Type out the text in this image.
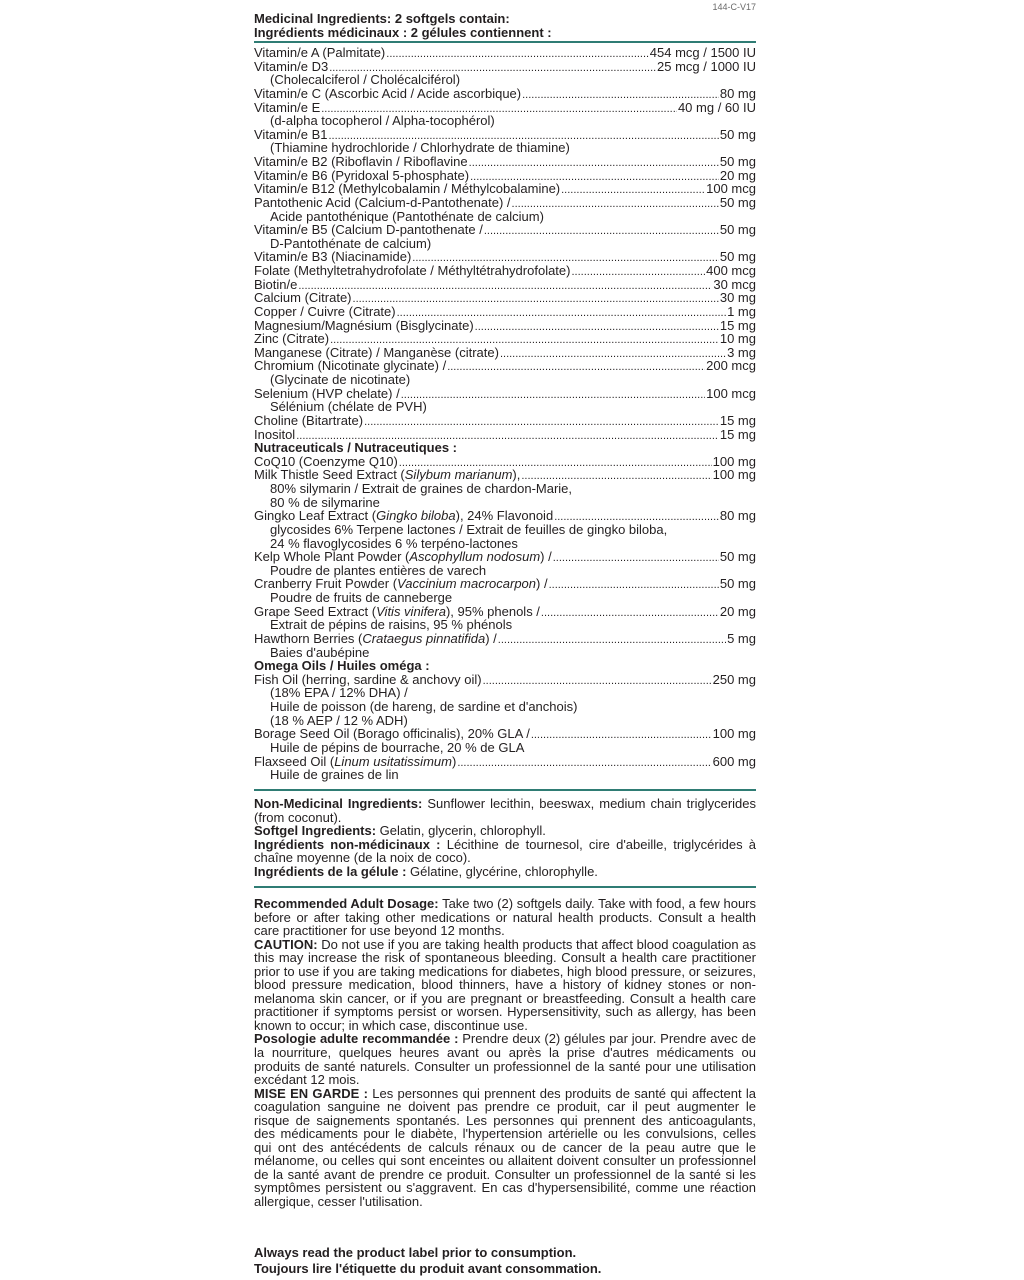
144-C-V17
Medicinal Ingredients: 2 softgels contain:
Ingrédients médicinaux : 2 gélules contiennent :
Vitamin/e A (Palmitate) .....	454 mcg / 1500 IU
Vitamin/e D3 .....	25 mcg / 1000 IU
(Cholecalciferol / Cholécalciférol)
Vitamin/e C (Ascorbic Acid / Acide ascorbique) .....	80 mg
Vitamin/e E .....	40 mg / 60 IU
(d-alpha tocopherol / Alpha-tocophérol)
Vitamin/e B1 .....	50 mg
(Thiamine hydrochloride / Chlorhydrate de thiamine)
Vitamin/e B2 (Riboflavin / Riboflavine .....	50 mg
Vitamin/e B6 (Pyridoxal 5-phosphate) .....	20 mg
Vitamin/e B12 (Methylcobalamin / Méthylcobalamine) .....	100 mcg
Pantothenic Acid (Calcium-d-Pantothenate) / .....	50 mg
Acide pantothénique (Pantothénate de calcium)
Vitamin/e B5 (Calcium D-pantothenate / .....	50 mg
D-Pantothénate de calcium)
Vitamin/e B3 (Niacinamide) .....	50 mg
Folate (Methyltetrahydrofolate / Méthyltétrahydrofolate) .....	400 mcg
Biotin/e .....	30 mcg
Calcium (Citrate) .....	30 mg
Copper / Cuivre (Citrate) .....	1 mg
Magnesium/Magnésium (Bisglycinate) .....	15 mg
Zinc (Citrate) .....	10 mg
Manganese (Citrate) / Manganèse (citrate) .....	3 mg
Chromium (Nicotinate glycinate) / .....	200 mcg
(Glycinate de nicotinate)
Selenium (HVP chelate) / .....	100 mcg
Sélénium (chélate de PVH)
Choline (Bitartrate) .....	15 mg
Inositol .....	15 mg
Nutraceuticals / Nutraceutiques :
CoQ10 (Coenzyme Q10) .....	100 mg
Milk Thistle Seed Extract (Silybum marianum), .....	100 mg
80% silymarin / Extrait de graines de chardon-Marie,
80 % de silymarine
Gingko Leaf Extract (Gingko biloba), 24% Flavonoid .....	80 mg
glycosides 6% Terpene lactones / Extrait de feuilles de gingko biloba,
24 % flavoglycosides 6 % terpéno-lactones
Kelp Whole Plant Powder (Ascophyllum nodosum) / .....	50 mg
Poudre de plantes entières de varech
Cranberry Fruit Powder (Vaccinium macrocarpon) / .....	50 mg
Poudre de fruits de canneberge
Grape Seed Extract (Vitis vinifera), 95% phenols / .....	20 mg
Extrait de pépins de raisins, 95 % phénols
Hawthorn Berries (Crataegus pinnatifida) / .....	5 mg
Baies d'aubépine
Omega Oils / Huiles oméga :
Fish Oil (herring, sardine & anchovy oil) .....	250 mg
(18% EPA / 12% DHA) /
Huile de poisson (de hareng, de sardine et d'anchois)
(18 % AEP / 12 % ADH)
Borage Seed Oil (Borago officinalis), 20% GLA / .....	100 mg
Huile de pépins de bourrache, 20 % de GLA
Flaxseed Oil (Linum usitatissimum) .....	600 mg
Huile de graines de lin
Non-Medicinal Ingredients: Sunflower lecithin, beeswax, medium chain triglycerides (from coconut).
Softgel Ingredients: Gelatin, glycerin, chlorophyll.
Ingrédients non-médicinaux : Lécithine de tournesol, cire d'abeille, triglycérides à chaîne moyenne (de la noix de coco).
Ingrédients de la gélule : Gélatine, glycérine, chlorophylle.
Recommended Adult Dosage: Take two (2) softgels daily. Take with food, a few hours before or after taking other medications or natural health products. Consult a health care practitioner for use beyond 12 months.
CAUTION: Do not use if you are taking health products that affect blood coagulation as this may increase the risk of spontaneous bleeding. Consult a health care practitioner prior to use if you are taking medications for diabetes, high blood pressure, or seizures, blood pressure medication, blood thinners, have a history of kidney stones or non-melanoma skin cancer, or if you are pregnant or breastfeeding. Consult a health care practitioner if symptoms persist or worsen. Hypersensitivity, such as allergy, has been known to occur; in which case, discontinue use.
Posologie adulte recommandée : Prendre deux (2) gélules par jour. Prendre avec de la nourriture, quelques heures avant ou après la prise d'autres médicaments ou produits de santé naturels. Consulter un professionnel de la santé pour une utilisation excédant 12 mois.
MISE EN GARDE : Les personnes qui prennent des produits de santé qui affectent la coagulation sanguine ne doivent pas prendre ce produit, car il peut augmenter le risque de saignements spontanés. Les personnes qui prennent des anticoagulants, des médicaments pour le diabète, l'hypertension artérielle ou les convulsions, celles qui ont des antécédents de calculs rénaux ou de cancer de la peau autre que le mélanome, ou celles qui sont enceintes ou allaitent doivent consulter un professionnel de la santé avant de prendre ce produit. Consulter un professionnel de la santé si les symptômes persistent ou s'aggravent. En cas d'hypersensibilité, comme une réaction allergique, cesser l'utilisation.
Always read the product label prior to consumption.
Toujours lire l'étiquette du produit avant consommation.
